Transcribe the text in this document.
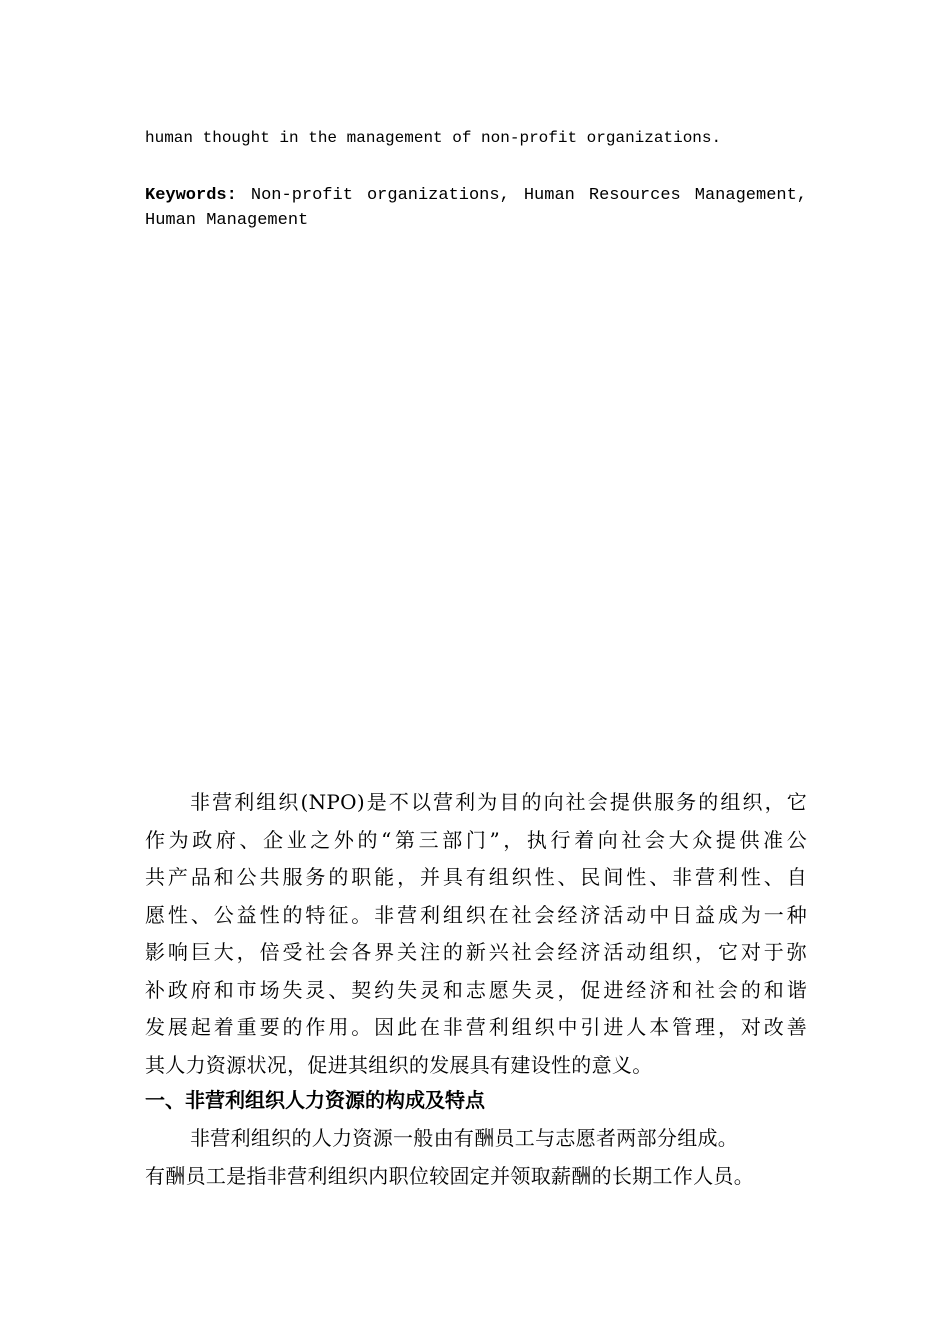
human thought in the management of non-profit organizations.
Keywords: Non-profit organizations, Human Resources Management, Human Management
非营利组织(NPO)是不以营利为目的向社会提供服务的组织，它
作为政府、企业之外的“第三部门”，执行着向社会大众提供准公
共产品和公共服务的职能，并具有组织性、民间性、非营利性、自
愿性、公益性的特征。非营利组织在社会经济活动中日益成为一种
影响巨大，倍受社会各界关注的新兴社会经济活动组织，它对于弥
补政府和市场失灵、契约失灵和志愿失灵，促进经济和社会的和谐
发展起着重要的作用。因此在非营利组织中引进人本管理，对改善
其人力资源状况，促进其组织的发展具有建设性的意义。
一、非营利组织人力资源的构成及特点
非营利组织的人力资源一般由有酬员工与志愿者两部分组成。
有酬员工是指非营利组织内职位较固定并领取薪酬的长期工作人员。
